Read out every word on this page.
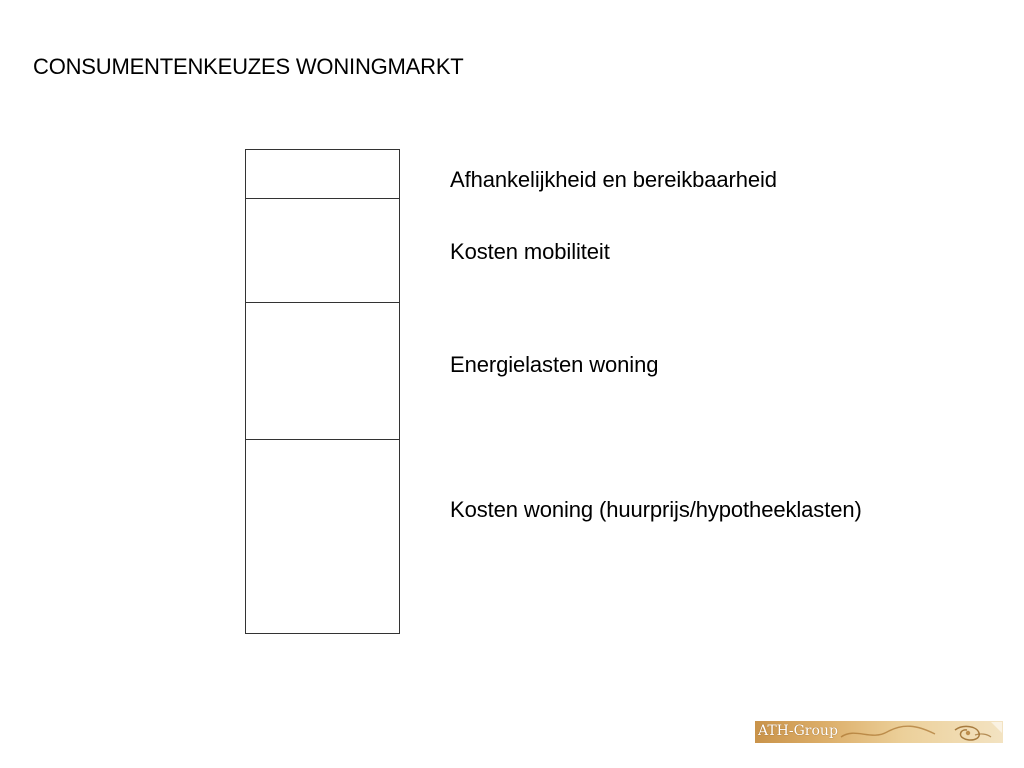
CONSUMENTENKEUZES WONINGMARKT
Afhankelijkheid en bereikbaarheid
Kosten mobiliteit
Energielasten woning
Kosten woning (huurprijs/hypotheeklasten)
ATH-Group
